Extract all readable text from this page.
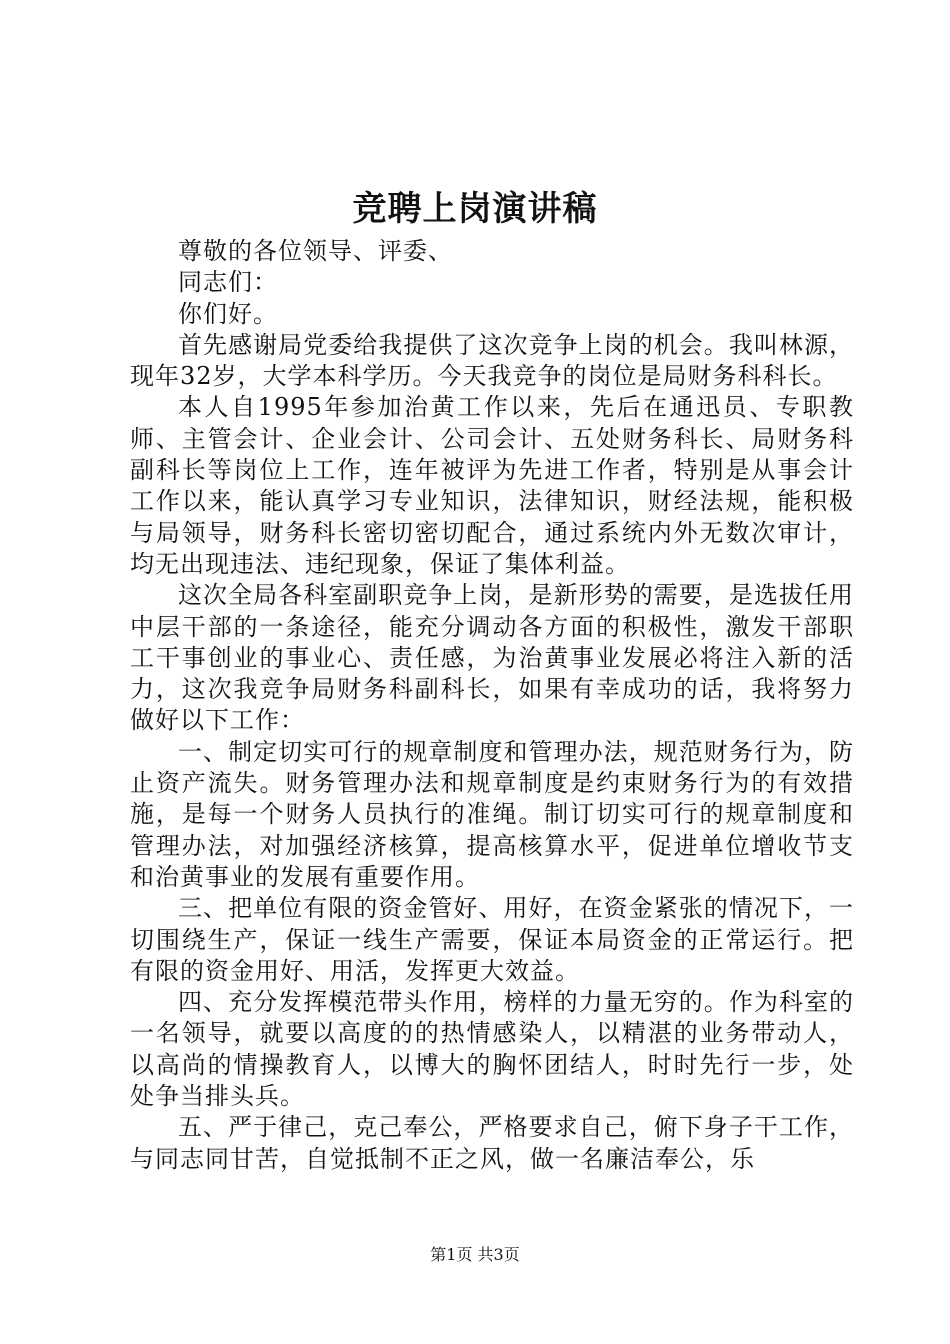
竞聘上岗演讲稿

尊敬的各位领导、评委、

同志们：

你们好。

首先感谢局党委给我提供了这次竞争上岗的机会。我叫林源，现年32岁，大学本科学历。今天我竞争的岗位是局财务科科长。

本人自1995年参加治黄工作以来，先后在通迅员、专职教师、主管会计、企业会计、公司会计、五处财务科长、局财务科副科长等岗位上工作，连年被评为先进工作者，特别是从事会计工作以来，能认真学习专业知识，法律知识，财经法规，能积极与局领导，财务科长密切密切配合，通过系统内外无数次审计，均无出现违法、违纪现象，保证了集体利益。

这次全局各科室副职竞争上岗，是新形势的需要，是选拔任用中层干部的一条途径，能充分调动各方面的积极性，激发干部职工干事创业的事业心、责任感，为治黄事业发展必将注入新的活力，这次我竞争局财务科副科长，如果有幸成功的话，我将努力做好以下工作：

一、制定切实可行的规章制度和管理办法，规范财务行为，防止资产流失。财务管理办法和规章制度是约束财务行为的有效措施，是每一个财务人员执行的准绳。制订切实可行的规章制度和管理办法，对加强经济核算，提高核算水平，促进单位增收节支和治黄事业的发展有重要作用。

三、把单位有限的资金管好、用好，在资金紧张的情况下，一切围绕生产，保证一线生产需要，保证本局资金的正常运行。把有限的资金用好、用活，发挥更大效益。

四、充分发挥模范带头作用，榜样的力量无穷的。作为科室的一名领导，就要以高度的的热情感染人，以精湛的业务带动人，以高尚的情操教育人，以博大的胸怀团结人，时时先行一步，处处争当排头兵。

五、严于律己，克己奉公，严格要求自己，俯下身子干工作，与同志同甘苦，自觉抵制不正之风，做一名廉洁奉公，乐

第1页 共3页
